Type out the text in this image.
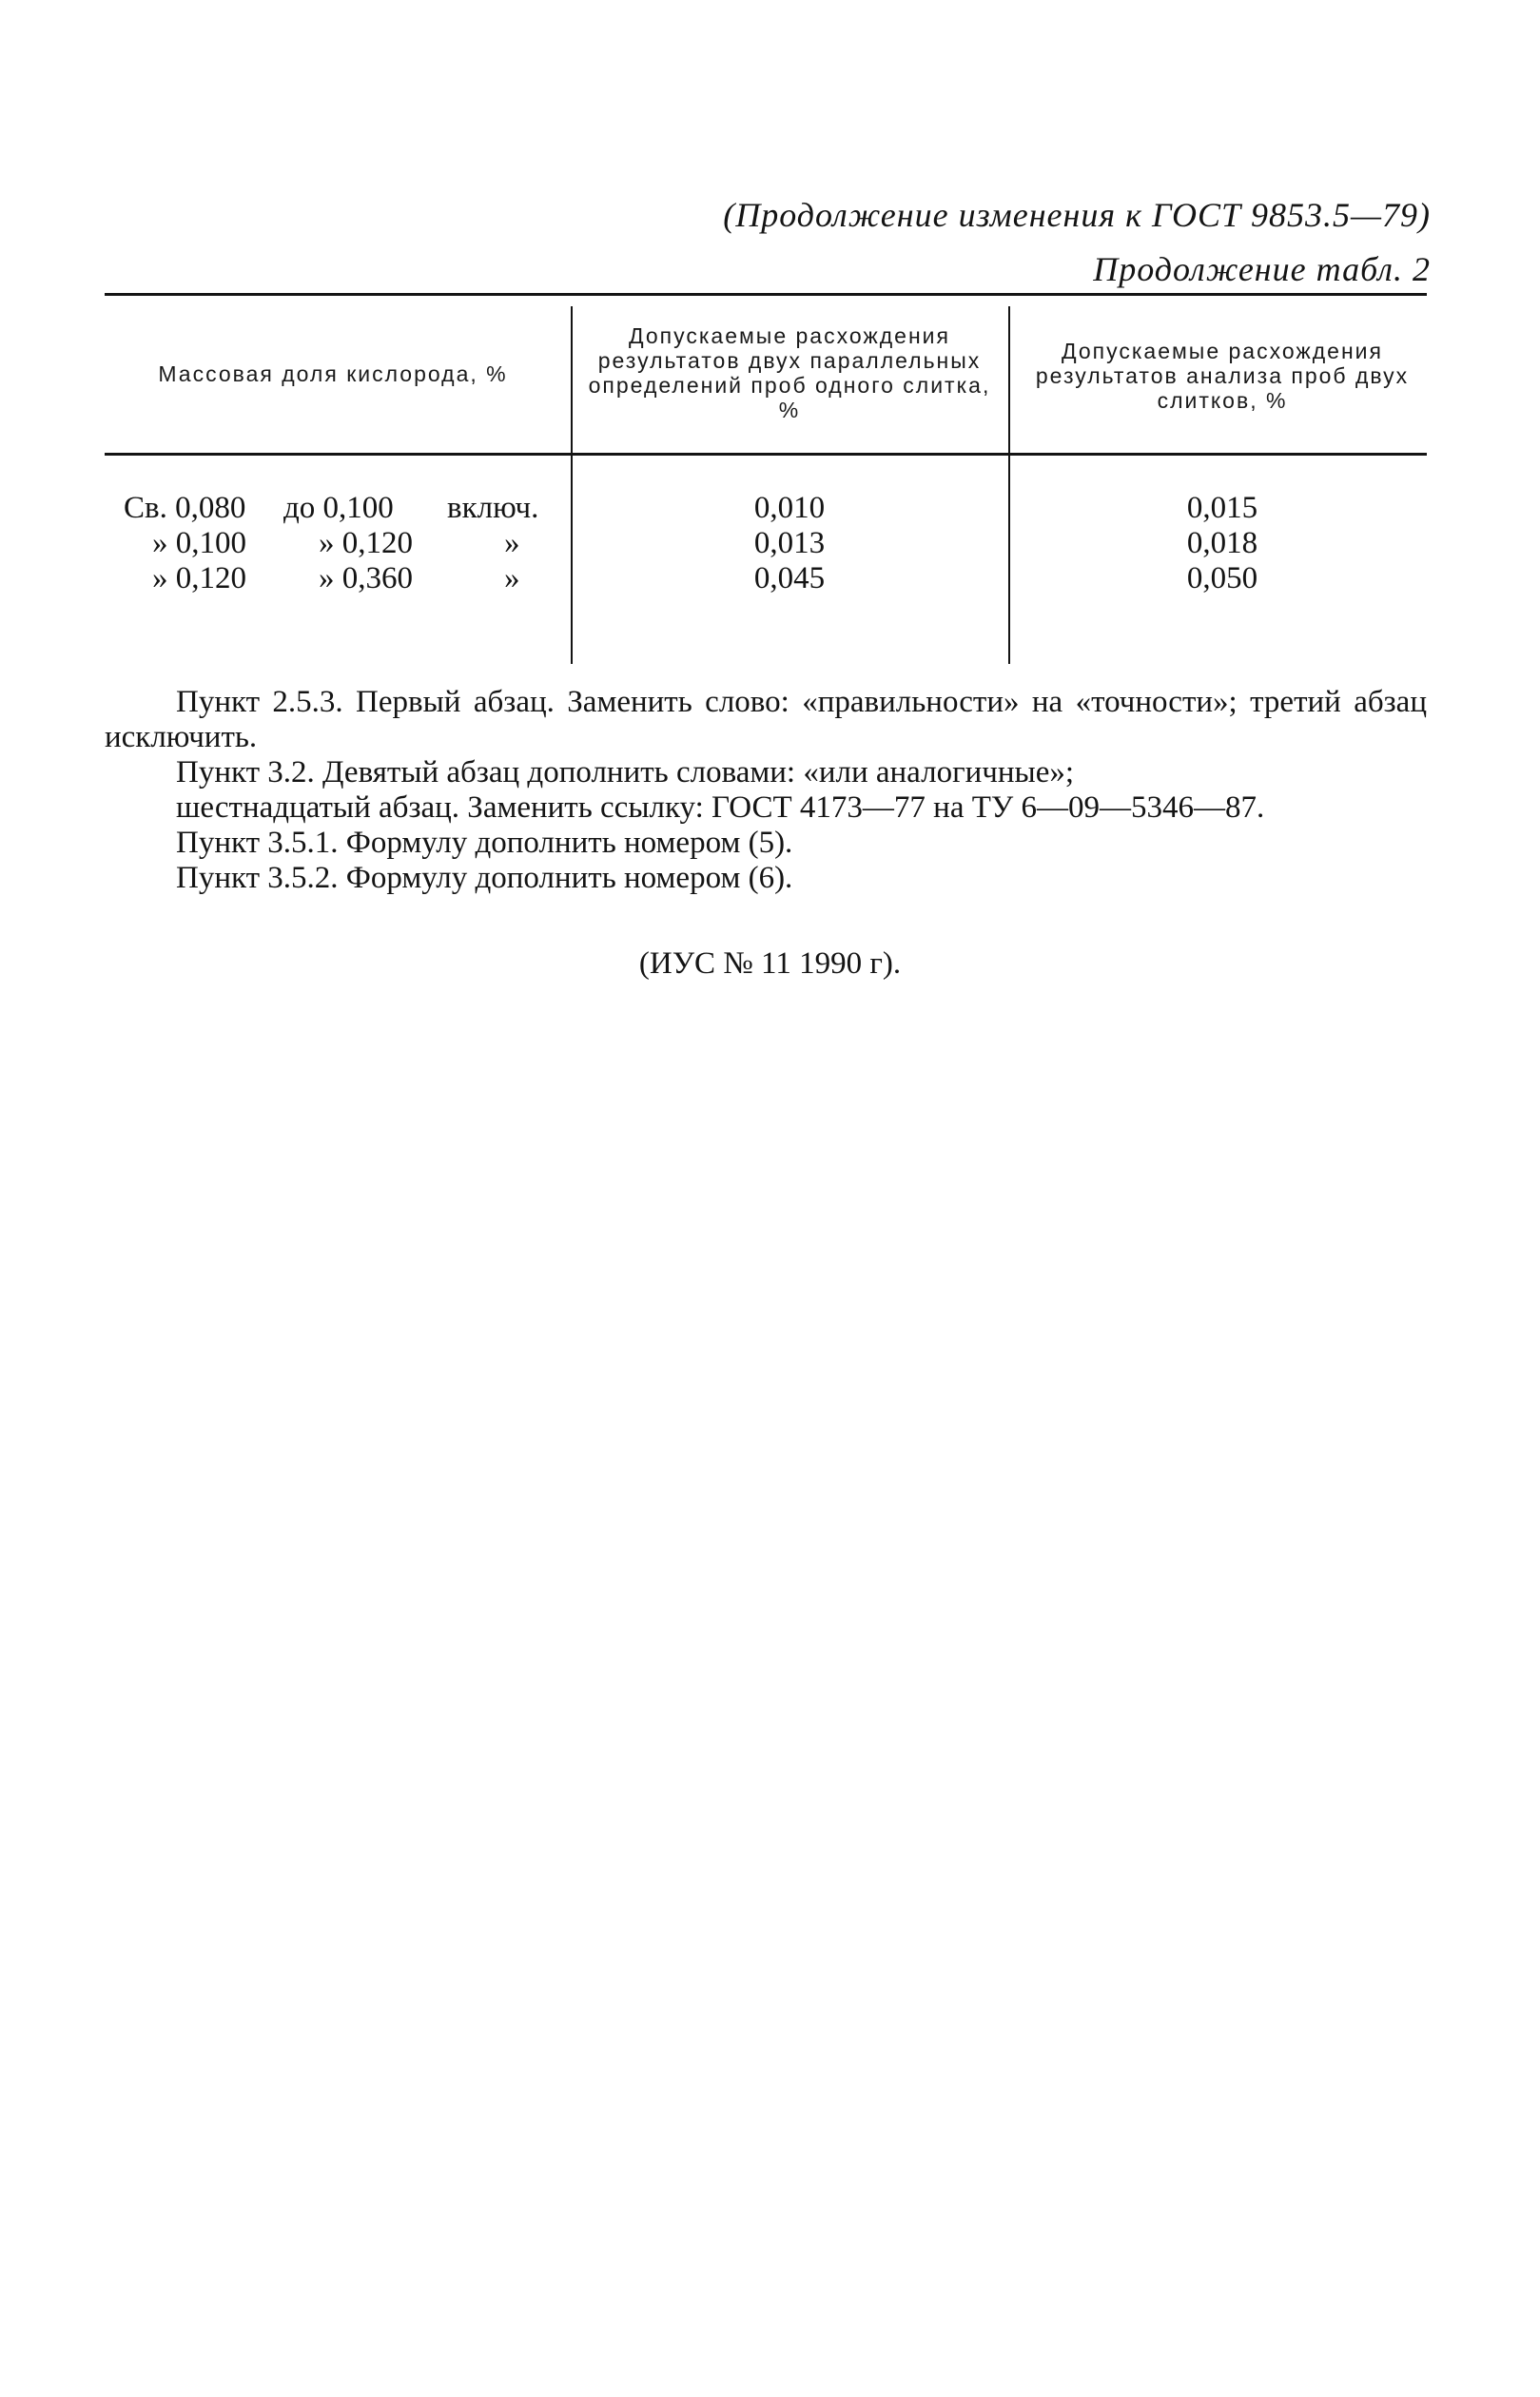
(Продолжение изменения к ГОСТ 9853.5—79)
Продолжение табл. 2
Массовая доля кислорода, %
Допускаемые расхождения результатов двух параллельных определений проб одного слитка, %
Допускаемые расхождения результатов анализа проб двух слитков, %
Св. 0,080 до 0,100 включ.
» 0,100 » 0,120	»
» 0,120 » 0,360	»
0,010
0,013
0,045
0,015
0,018
0,050
Пункт 2.5.3. Первый абзац. Заменить слово: «правильности» на «точности»; третий абзац исключить.
Пункт 3.2. Девятый абзац дополнить словами: «или аналогичные»;
шестнадцатый абзац. Заменить ссылку: ГОСТ 4173—77 на ТУ 6—09—5346—87.
Пункт 3.5.1. Формулу дополнить номером (5).
Пункт 3.5.2. Формулу дополнить номером (6).
(ИУС № 11 1990 г).
